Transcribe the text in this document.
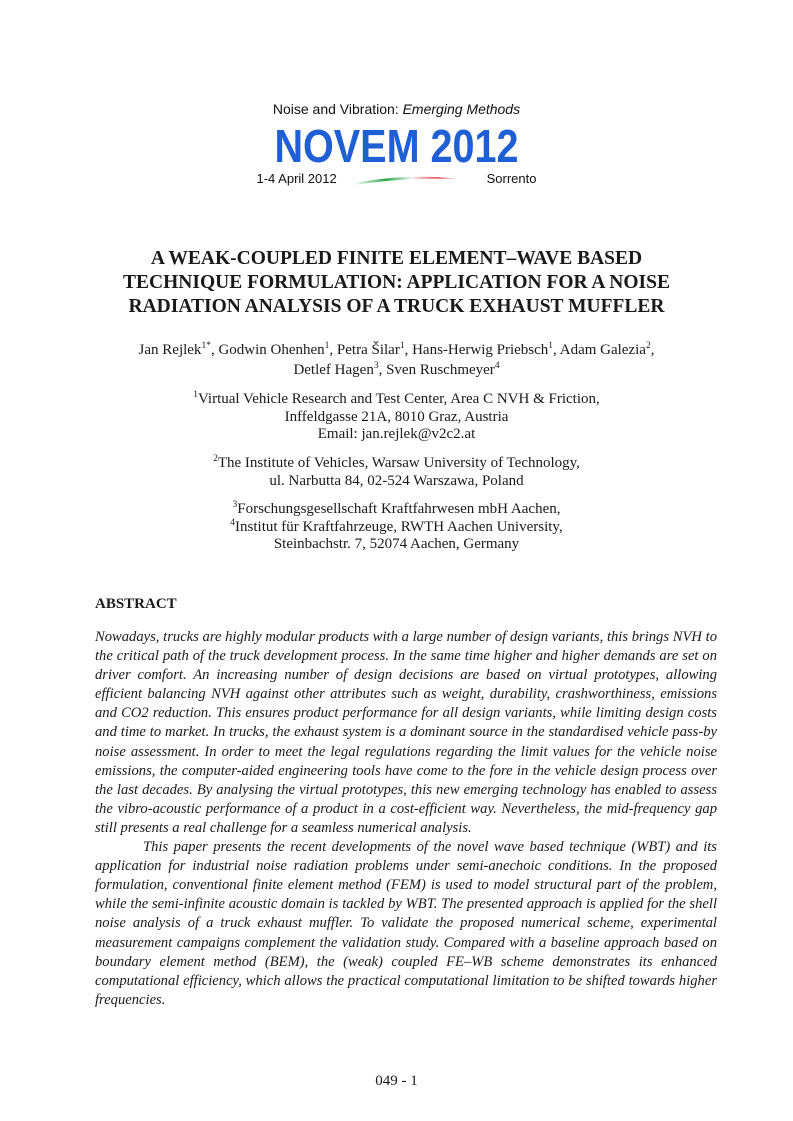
Noise and Vibration: Emerging Methods
NOVEM 2012
1-4 April 2012	Sorrento
A WEAK-COUPLED FINITE ELEMENT–WAVE BASED
TECHNIQUE FORMULATION: APPLICATION FOR A NOISE
RADIATION ANALYSIS OF A TRUCK EXHAUST MUFFLER
Jan Rejlek$^{1*}$, Godwin Ohenhen$^1$, Petra Šilar$^1$, Hans-Herwig Priebsch$^1$, Adam Galezia$^2$,
Detlef Hagen$^3$, Sven Ruschmeyer$^4$
$^1$Virtual Vehicle Research and Test Center, Area C NVH & Friction,
Inffeldgasse 21A, 8010 Graz, Austria
Email: jan.rejlek@v2c2.at
$^2$The Institute of Vehicles, Warsaw University of Technology,
ul. Narbutta 84, 02-524 Warszawa, Poland
$^3$Forschungsgesellschaft Kraftfahrwesen mbH Aachen,
$^4$Institut für Kraftfahrzeuge, RWTH Aachen University,
Steinbachstr. 7, 52074 Aachen, Germany
ABSTRACT

Nowadays, trucks are highly modular products with a large number of design variants, this brings NVH to the critical path of the truck development process. In the same time higher and higher demands are set on driver comfort. An increasing number of design decisions are based on virtual prototypes, allowing efficient balancing NVH against other attributes such as weight, durability, crashworthiness, emissions and CO2 reduction. This ensures product performance for all design variants, while limiting design costs and time to market. In trucks, the exhaust system is a dominant source in the standardised vehicle pass-by noise assessment. In order to meet the legal regulations regarding the limit values for the vehicle noise emissions, the computer-aided engineering tools have come to the fore in the vehicle design process over the last decades. By analysing the virtual prototypes, this new emerging technology has enabled to assess the vibro-acoustic performance of a product in a cost-efficient way. Nevertheless, the mid-frequency gap still presents a real challenge for a seamless numerical analysis.

This paper presents the recent developments of the novel wave based technique (WBT) and its application for industrial noise radiation problems under semi-anechoic conditions. In the proposed formulation, conventional finite element method (FEM) is used to model structural part of the problem, while the semi-infinite acoustic domain is tackled by WBT. The presented approach is applied for the shell noise analysis of a truck exhaust muffler. To validate the proposed numerical scheme, experimental measurement campaigns complement the validation study. Compared with a baseline approach based on boundary element method (BEM), the (weak) coupled FE–WB scheme demonstrates its enhanced computational efficiency, which allows the practical computational limitation to be shifted towards higher frequencies.

049 - 1
